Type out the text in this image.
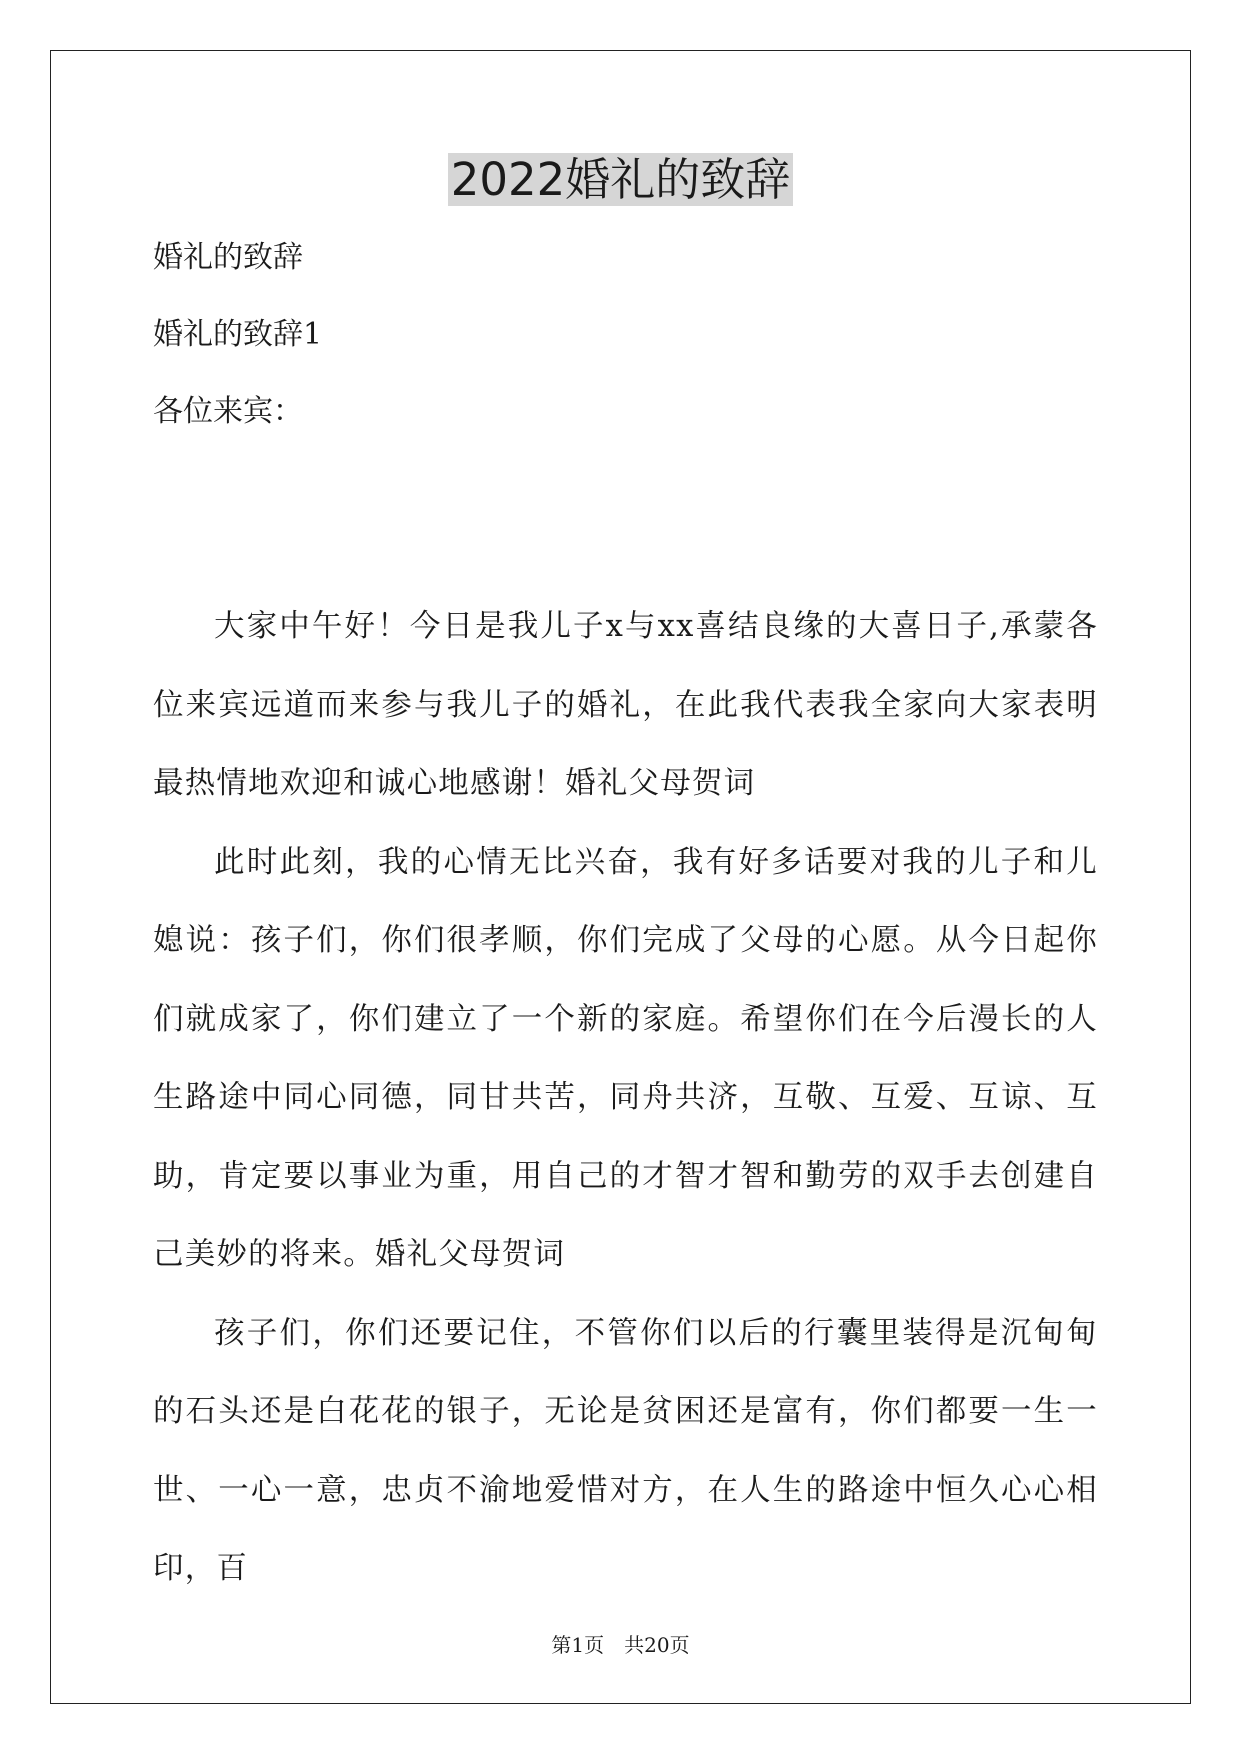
2022婚礼的致辞

婚礼的致辞

婚礼的致辞1

各位来宾：

大家中午好！今日是我儿子x与xx喜结良缘的大喜日子,承蒙各位来宾远道而来参与我儿子的婚礼，在此我代表我全家向大家表明最热情地欢迎和诚心地感谢！婚礼父母贺词

此时此刻，我的心情无比兴奋，我有好多话要对我的儿子和儿媳说：孩子们，你们很孝顺，你们完成了父母的心愿。从今日起你们就成家了，你们建立了一个新的家庭。希望你们在今后漫长的人生路途中同心同德，同甘共苦，同舟共济，互敬、互爱、互谅、互助，肯定要以事业为重，用自己的才智才智和勤劳的双手去创建自己美妙的将来。婚礼父母贺词

孩子们，你们还要记住，不管你们以后的行囊里装得是沉甸甸的石头还是白花花的银子，无论是贫困还是富有，你们都要一生一世、一心一意，忠贞不渝地爱惜对方，在人生的路途中恒久心心相印，百

第1页　共20页
